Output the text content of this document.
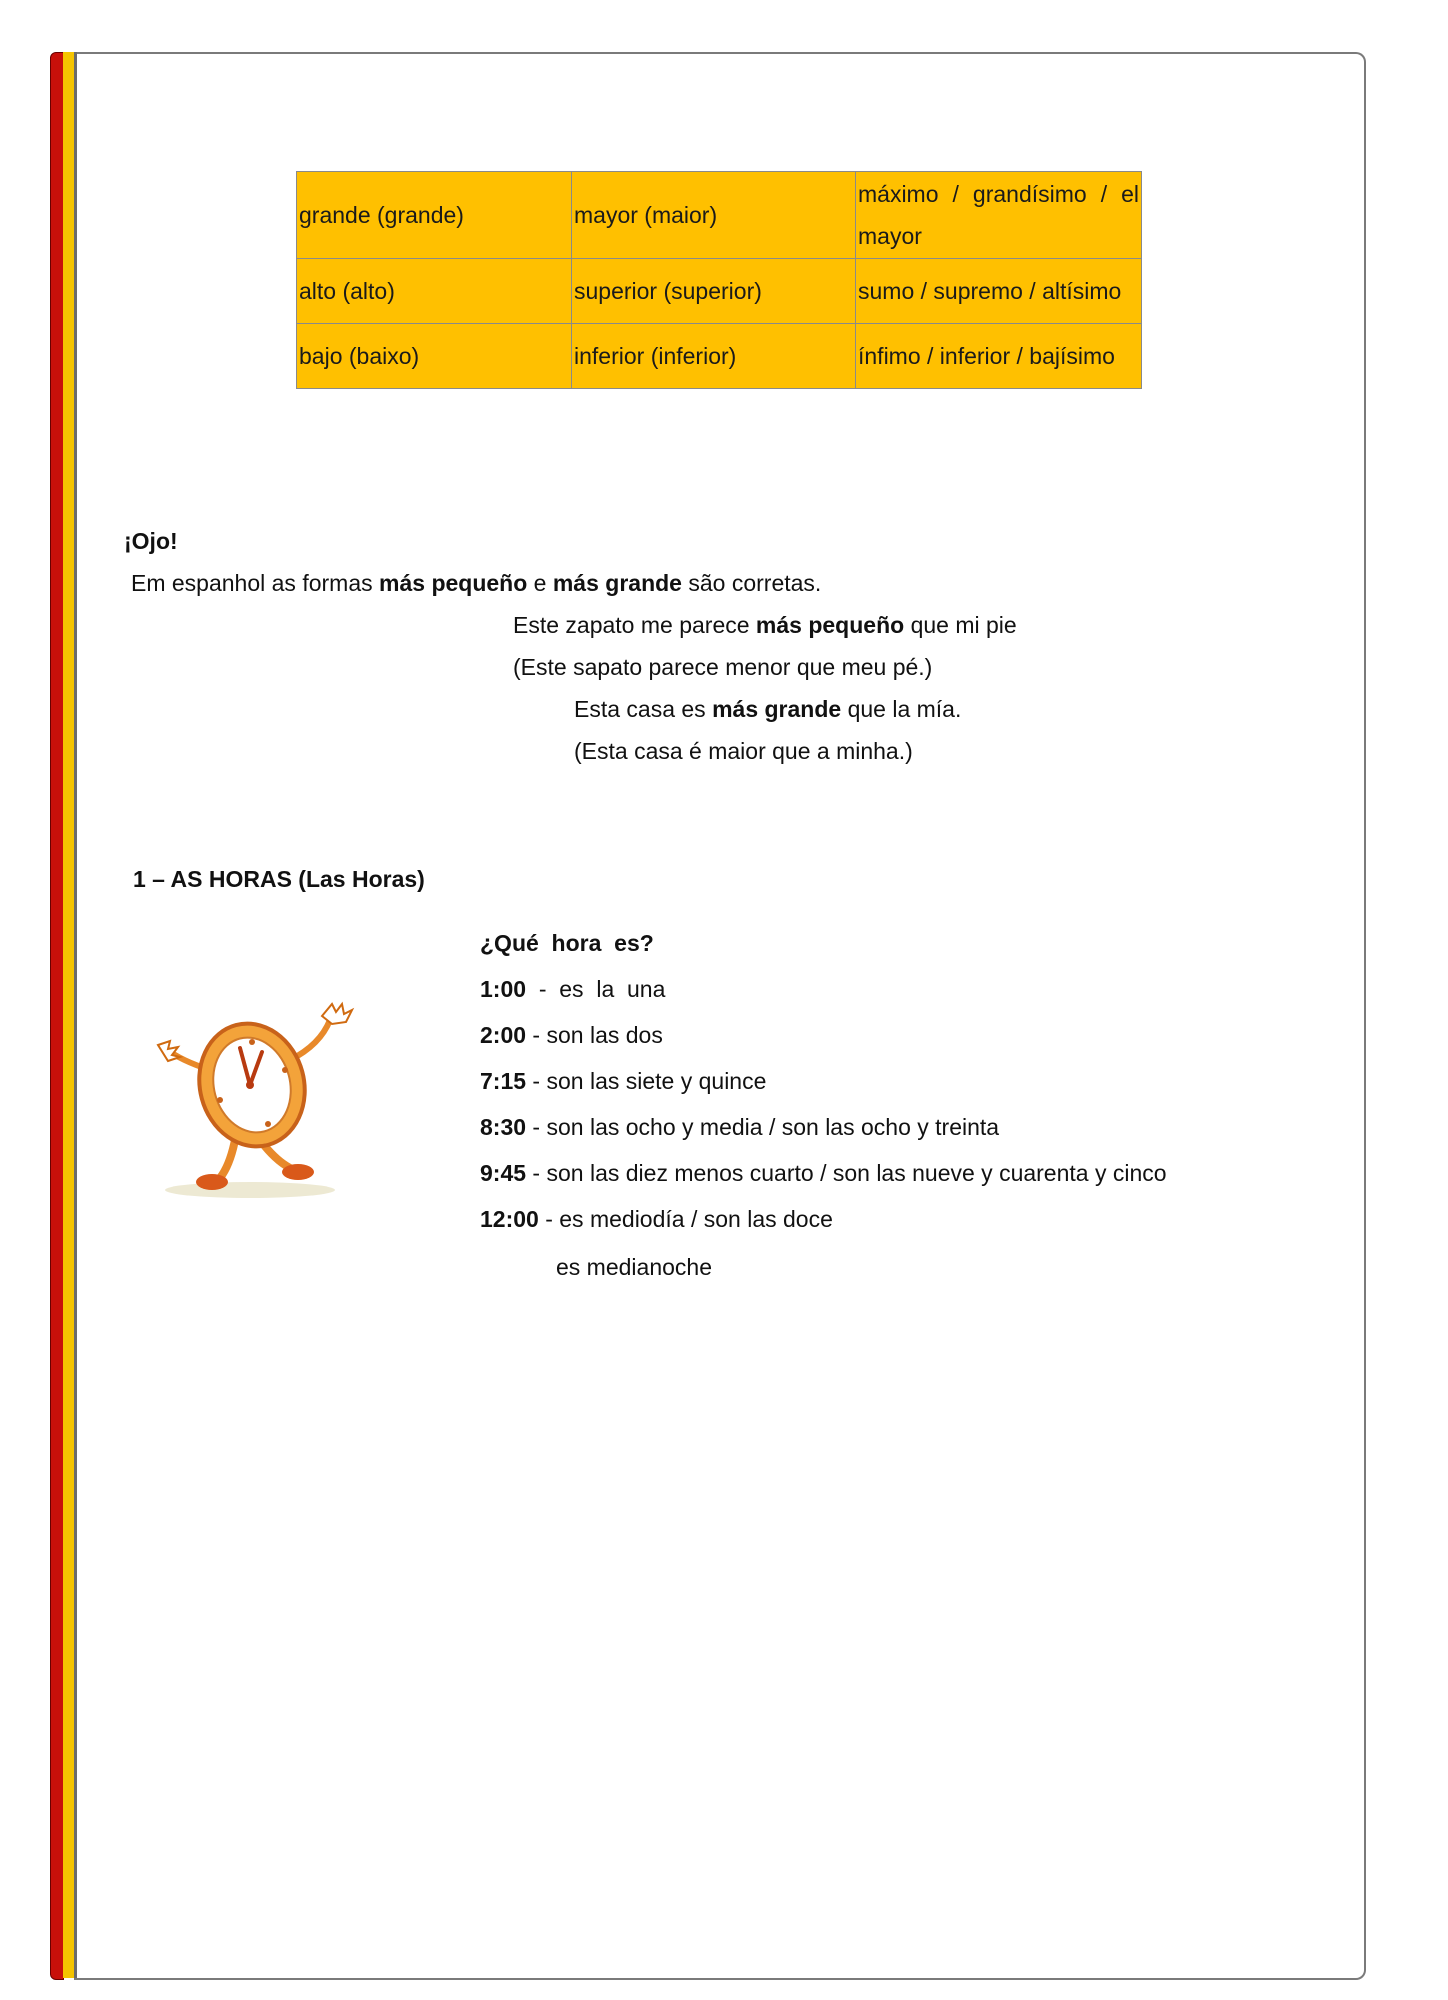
grande (grande)	mayor (maior)	máximo / grandísimo / el
mayor

alto (alto)	superior (superior)	sumo / supremo / altísimo
bajo (baixo)	inferior (inferior)	ínfimo / inferior / bajísimo
¡Ojo!
Em espanhol as formas más pequeño e más grande são corretas.
Este zapato me parece más pequeño que mi pie
(Este sapato parece menor que meu pé.)
Esta casa es más grande que la mía.
(Esta casa é maior que a minha.)
1 – AS HORAS (Las Horas)
¿Qué  hora  es?
1:00  -  es  la  una
2:00 - son las dos
7:15 - son las siete y quince
8:30 - son las ocho y media / son las ocho y treinta
9:45 - son las diez menos cuarto / son las nueve y cuarenta y cinco
12:00 - es mediodía / son las doce
es medianoche
